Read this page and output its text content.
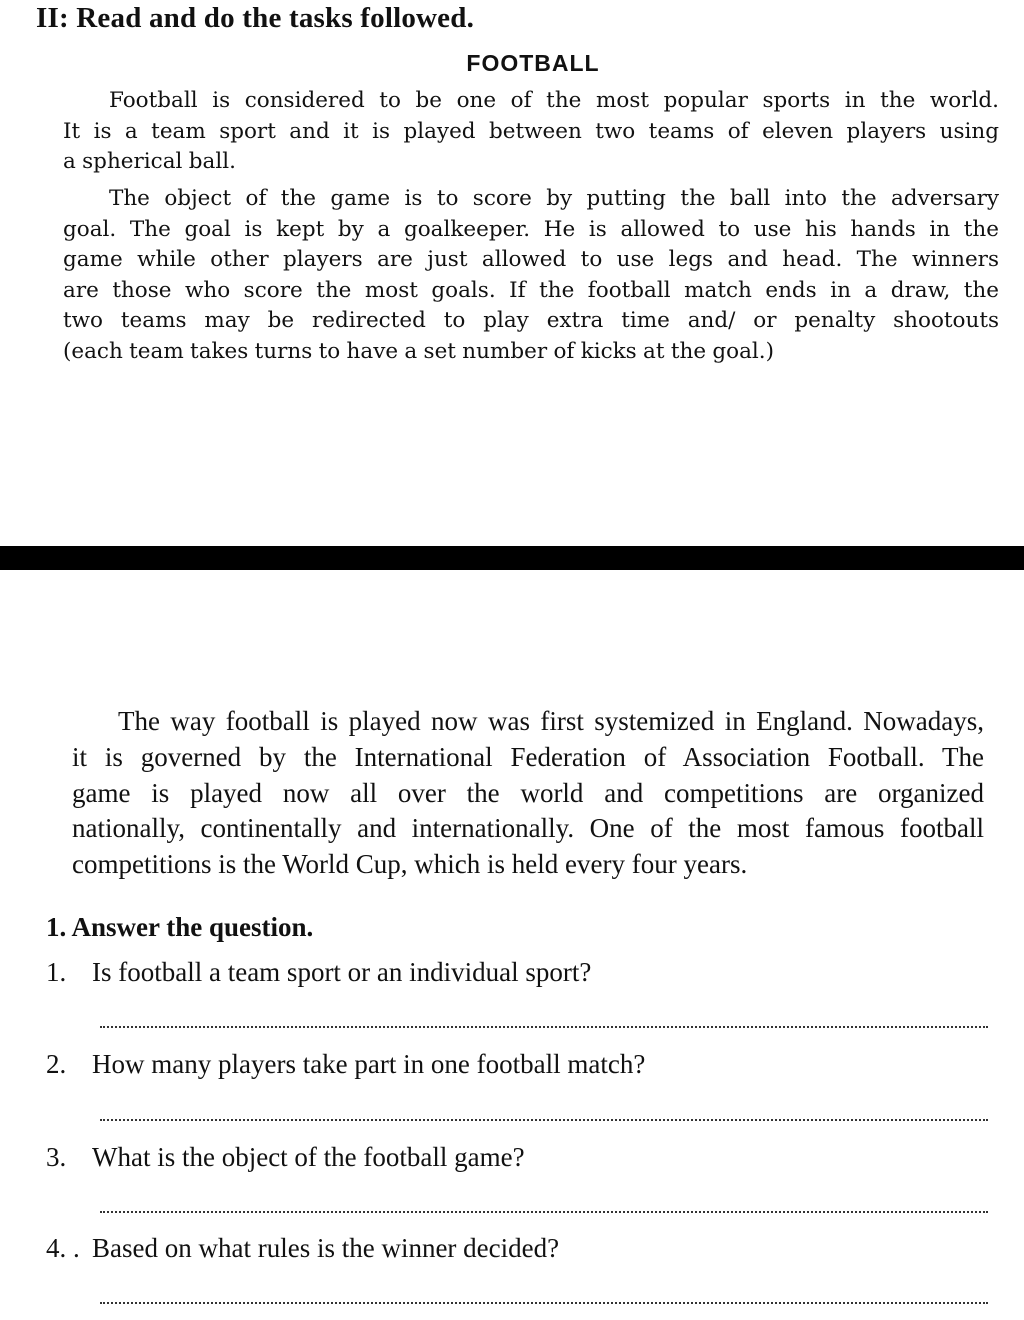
II: Read and do the tasks followed.
FOOTBALL
Football is considered to be one of the most popular sports in the world.
It is a team sport and it is played between two teams of eleven players using
a spherical ball.
The object of the game is to score by putting the ball into the adversary
goal. The goal is kept by a goalkeeper. He is allowed to use his hands in the
game while other players are just allowed to use legs and head. The winners
are those who score the most goals. If the football match ends in a draw, the
two teams may be redirected to play extra time and/ or penalty shootouts
(each team takes turns to have a set number of kicks at the goal.)
The way football is played now was first systemized in England. Nowadays,
it is governed by the International Federation of Association Football. The
game is played now all over the world and competitions are organized
nationally, continentally and internationally. One of the most famous football
competitions is the World Cup, which is held every four years.
1. Answer the question.
1. Is football a team sport or an individual sport?
2. How many players take part in one football match?
3. What is the object of the football game?
4. . Based on what rules is the winner decided?
